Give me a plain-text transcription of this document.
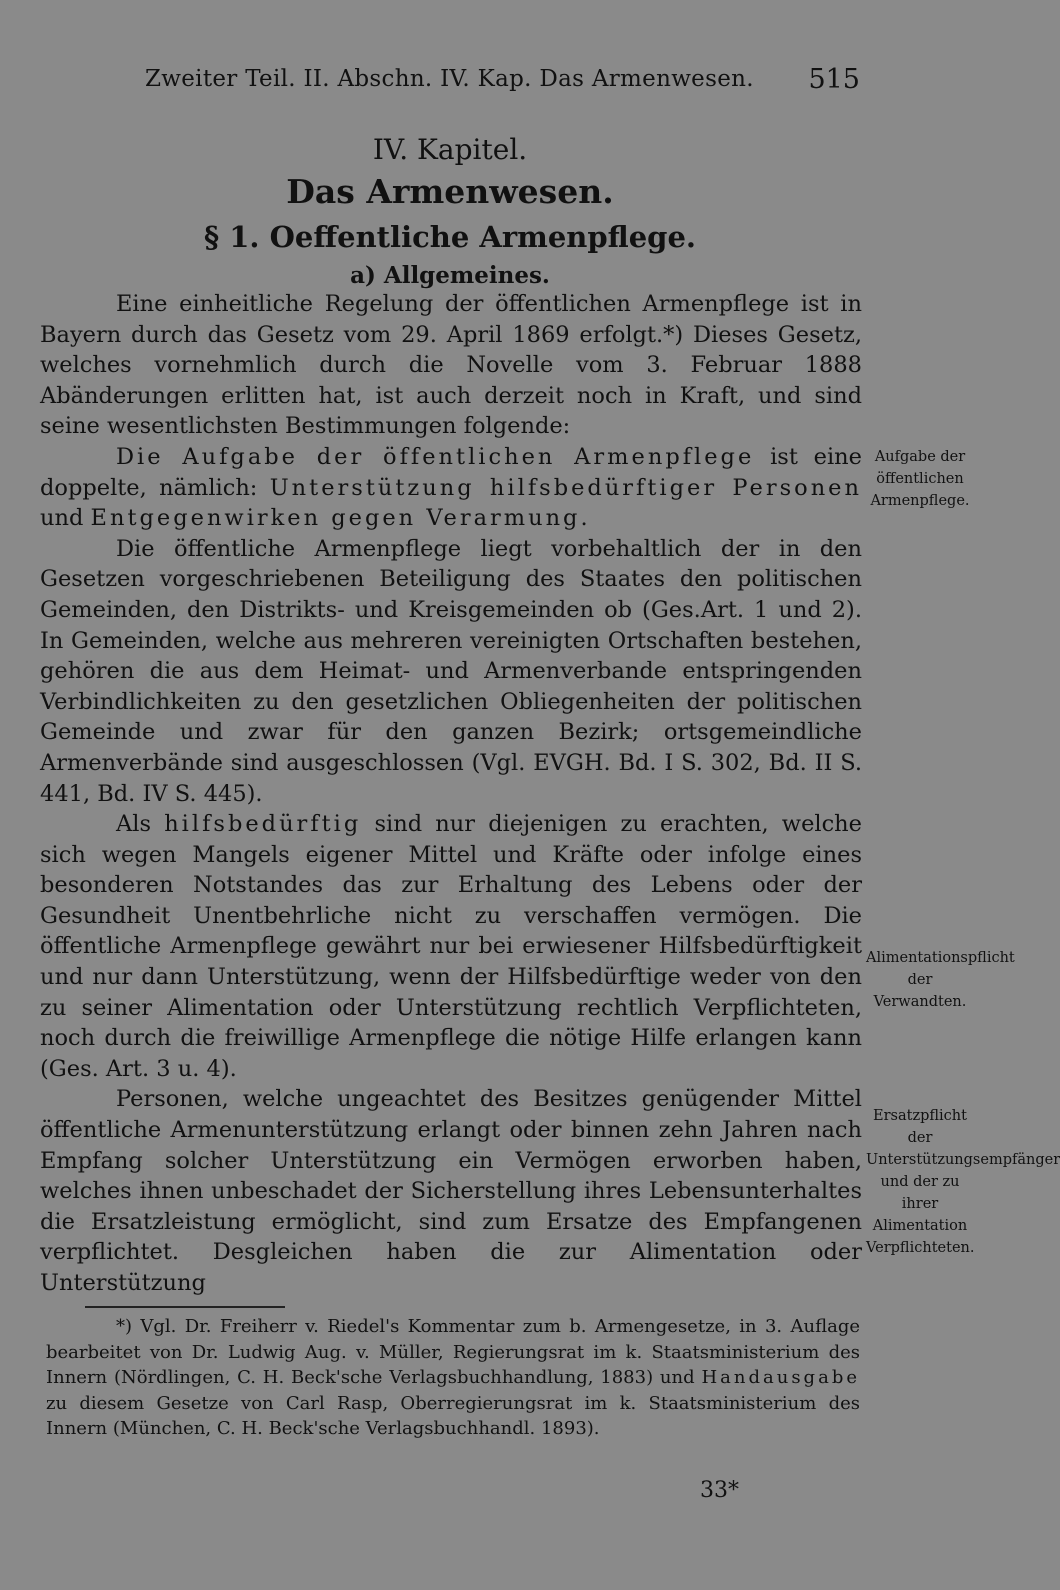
Zweiter Teil. II. Abschn. IV. Kap. Das Armenwesen. 515
IV. Kapitel.
Das Armenwesen.
§ 1. Oeffentliche Armenpflege.
a) Allgemeines.

Eine einheitliche Regelung der öffentlichen Armenpflege ist in Bayern durch das Gesetz vom 29. April 1869 erfolgt.*) Dieses Gesetz, welches vornehmlich durch die Novelle vom 3. Februar 1888 Abänderungen erlitten hat, ist auch derzeit noch in Kraft, und sind seine wesentlichsten Bestimmungen folgende:

Die Aufgabe der öffentlichen Armenpflege ist eine doppelte, nämlich: Unterstützung hilfsbedürftiger Personen und Entgegenwirken gegen Verarmung.

Die öffentliche Armenpflege liegt vorbehaltlich der in den Gesetzen vorgeschriebenen Beteiligung des Staates den politischen Gemeinden, den Distrikts- und Kreisgemeinden ob (Ges.Art. 1 und 2). In Gemeinden, welche aus mehreren vereinigten Ortschaften bestehen, gehören die aus dem Heimat- und Armenverbande entspringenden Verbindlichkeiten zu den gesetzlichen Obliegenheiten der politischen Gemeinde und zwar für den ganzen Bezirk; ortsgemeindliche Armenverbände sind ausgeschlossen (Vgl. EVGH. Bd. I S. 302, Bd. II S. 441, Bd. IV S. 445).

Als hilfsbedürftig sind nur diejenigen zu erachten, welche sich wegen Mangels eigener Mittel und Kräfte oder infolge eines besonderen Notstandes das zur Erhaltung des Lebens oder der Gesundheit Unentbehrliche nicht zu verschaffen vermögen. Die öffentliche Armenpflege gewährt nur bei erwiesener Hilfsbedürftigkeit und nur dann Unterstützung, wenn der Hilfsbedürftige weder von den zu seiner Alimentation oder Unterstützung rechtlich Verpflichteten, noch durch die freiwillige Armenpflege die nötige Hilfe erlangen kann (Ges. Art. 3 u. 4).

Personen, welche ungeachtet des Besitzes genügender Mittel öffentliche Armenunterstützung erlangt oder binnen zehn Jahren nach Empfang solcher Unterstützung ein Vermögen erworben haben, welches ihnen unbeschadet der Sicherstellung ihres Lebensunterhaltes die Ersatzleistung ermöglicht, sind zum Ersatze des Empfangenen verpflichtet. Desgleichen haben die zur Alimentation oder Unterstützung

Aufgabe der öffentlichen Armenpflege.
Alimentationspflicht der Verwandten.
Ersatzpflicht der Unterstützungsempfänger und der zu ihrer Alimentation Verpflichteten.

*) Vgl. Dr. Freiherr v. Riedel's Kommentar zum b. Armengesetze, in 3. Auflage bearbeitet von Dr. Ludwig Aug. v. Müller, Regierungsrat im k. Staatsministerium des Innern (Nördlingen, C. H. Beck'sche Verlagsbuchhandlung, 1883) und Handausgabe zu diesem Gesetze von Carl Rasp, Oberregierungsrat im k. Staatsministerium des Innern (München, C. H. Beck'sche Verlagsbuchhandl. 1893).

33*
